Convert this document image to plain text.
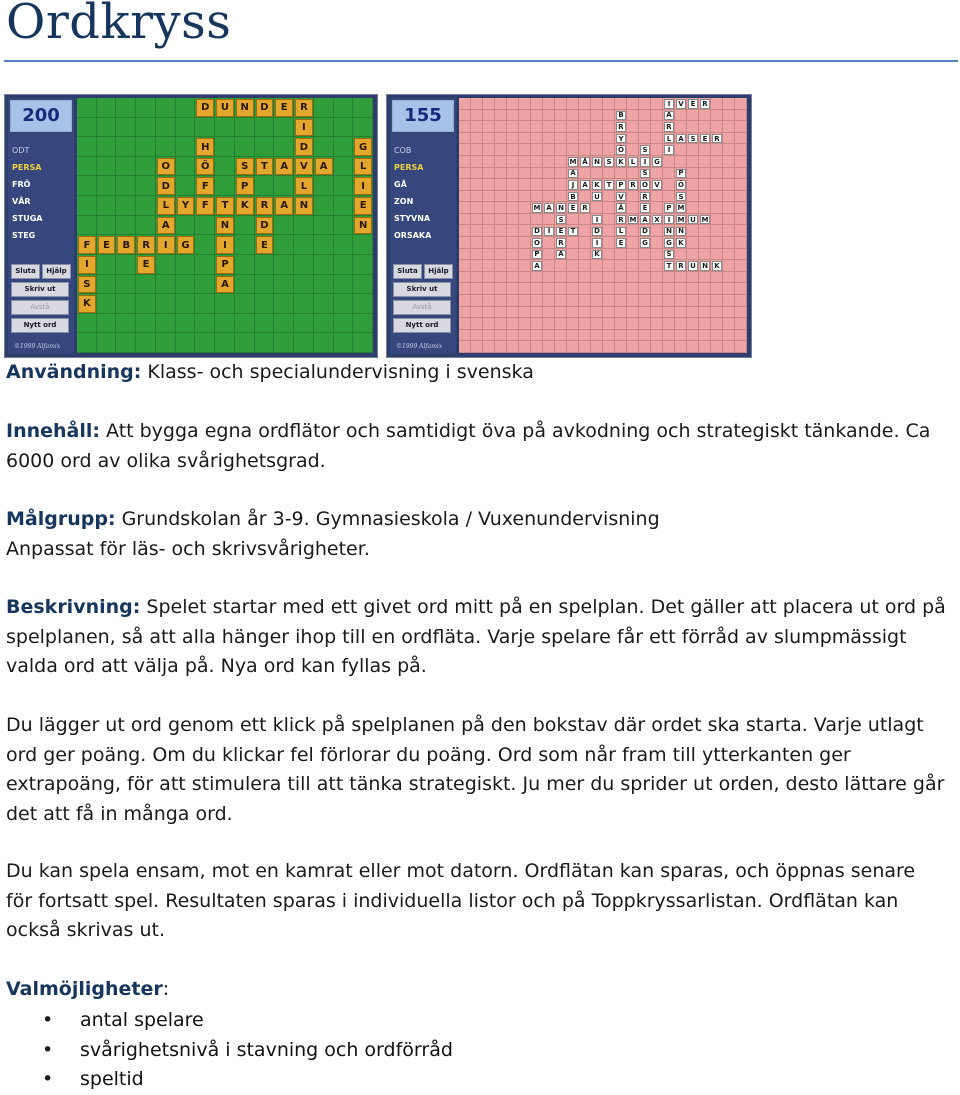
Ordkryss
200
ODT
PERSA
FRÖ
VÅR
STUGA
STEG
Sluta	Hjälp
Skriv ut
Avstå
Nytt ord
©1999 Alfamix
D	U	N	D	E	R
I
H	D	G
O	Ö	S	T	A	V	A	L
D	F	P	L	I
L	Y	F	T	K	R	A	N	E
A	N	D	N
F	E	B	R	I	G	I	E
I	E	P
S	A
K
155
COB
PERSA
GÅ
ZON
STYVNA
ORSAKA
Sluta	Hjälp
Skriv ut
Avstå
Nytt ord
©1999 Alfamix
I	V E R
B	A
R	R
Y	L	A S	E R
Ö	S	I
M Å N S K	L	I	G
A	S	P
J	A K T	P R O V	Ö
B	U	V	R	S
M A N E R	Ä	E	P M
S	I	R M A X	I	M U M
D	I	E	T	D	L	D	N N
O	R	I	E	G	G K
P	A	K	S
A	T R U N K

Användning: Klass- och specialundervisning i svenska

Innehåll: Att bygga egna ordflätor och samtidigt öva på avkodning och strategiskt tänkande. Ca 6000 ord av olika svårighetsgrad.

Målgrupp: Grundskolan år 3-9. Gymnasieskola / Vuxenundervisning

Anpassat för läs- och skrivsvårigheter.

Beskrivning: Spelet startar med ett givet ord mitt på en spelplan. Det gäller att placera ut ord på spelplanen, så att alla hänger ihop till en ordfläta. Varje spelare får ett förråd av slumpmässigt valda ord att välja på. Nya ord kan fyllas på.

Du lägger ut ord genom ett klick på spelplanen på den bokstav där ordet ska starta. Varje utlagt ord ger poäng. Om du klickar fel förlorar du poäng. Ord som når fram till ytterkanten ger extrapoäng, för att stimulera till att tänka strategiskt. Ju mer du sprider ut orden, desto lättare går det att få in många ord.

Du kan spela ensam, mot en kamrat eller mot datorn. Ordflätan kan sparas, och öppnas senare för fortsatt spel. Resultaten sparas i individuella listor och på Toppkryssarlistan. Ordflätan kan också skrivas ut.

Valmöjligheter:

• antal spelare
• svårighetsnivå i stavning och ordförråd
• speltid
